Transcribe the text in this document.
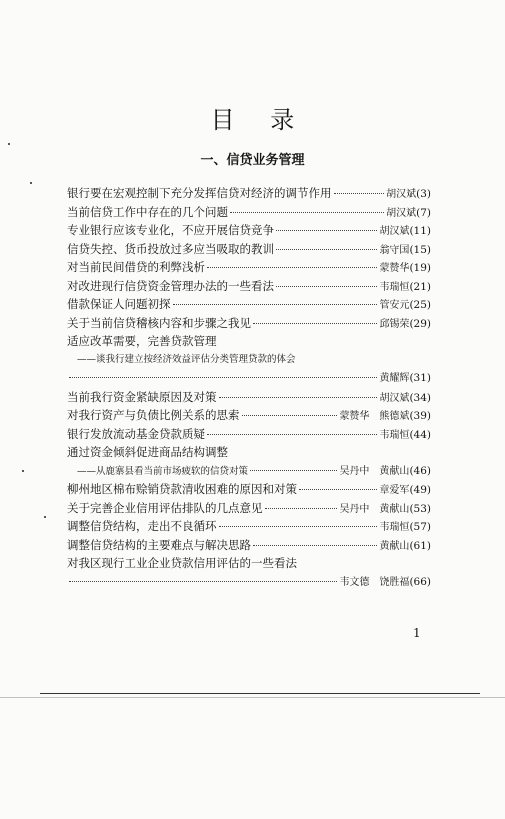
目 录
一、信贷业务管理
银行要在宏观控制下充分发挥信贷对经济的调节作用	胡汉斌 (3)
当前信贷工作中存在的几个问题	胡汉斌 (7)
专业银行应该专业化，不应开展信贷竞争	胡汉斌 (11)
信贷失控、货币投放过多应当吸取的教训	翁守国 (15)
对当前民间借贷的利弊浅析	蒙赞华 (19)
对改进现行信贷资金管理办法的一些看法	韦瑞恒 (21)
借款保证人问题初探	管安元 (25)
关于当前信贷稽核内容和步骤之我见	邱锡荣 (29)
适应改革需要，完善贷款管理
——谈我行建立按经济效益评估分类管理贷款的体会
黄耀辉 (31)
当前我行资金紧缺原因及对策	胡汉斌 (34)
对我行资产与负债比例关系的思索	蒙赞华　熊德斌 (39)
银行发放流动基金贷款质疑	韦瑞恒 (44)
通过资金倾斜促进商品结构调整
——从鹿寨县看当前市场疲软的信贷对策	吴丹中　黄献山 (46)
柳州地区棉布赊销贷款清收困难的原因和对策	章爱军 (49)
关于完善企业信用评估排队的几点意见	吴丹中　黄献山 (53)
调整信贷结构，走出不良循环	韦瑞恒 (57)
调整信贷结构的主要难点与解决思路	黄献山 (61)
对我区现行工业企业贷款信用评估的一些看法
韦文德　饶胜福 (66)

1
